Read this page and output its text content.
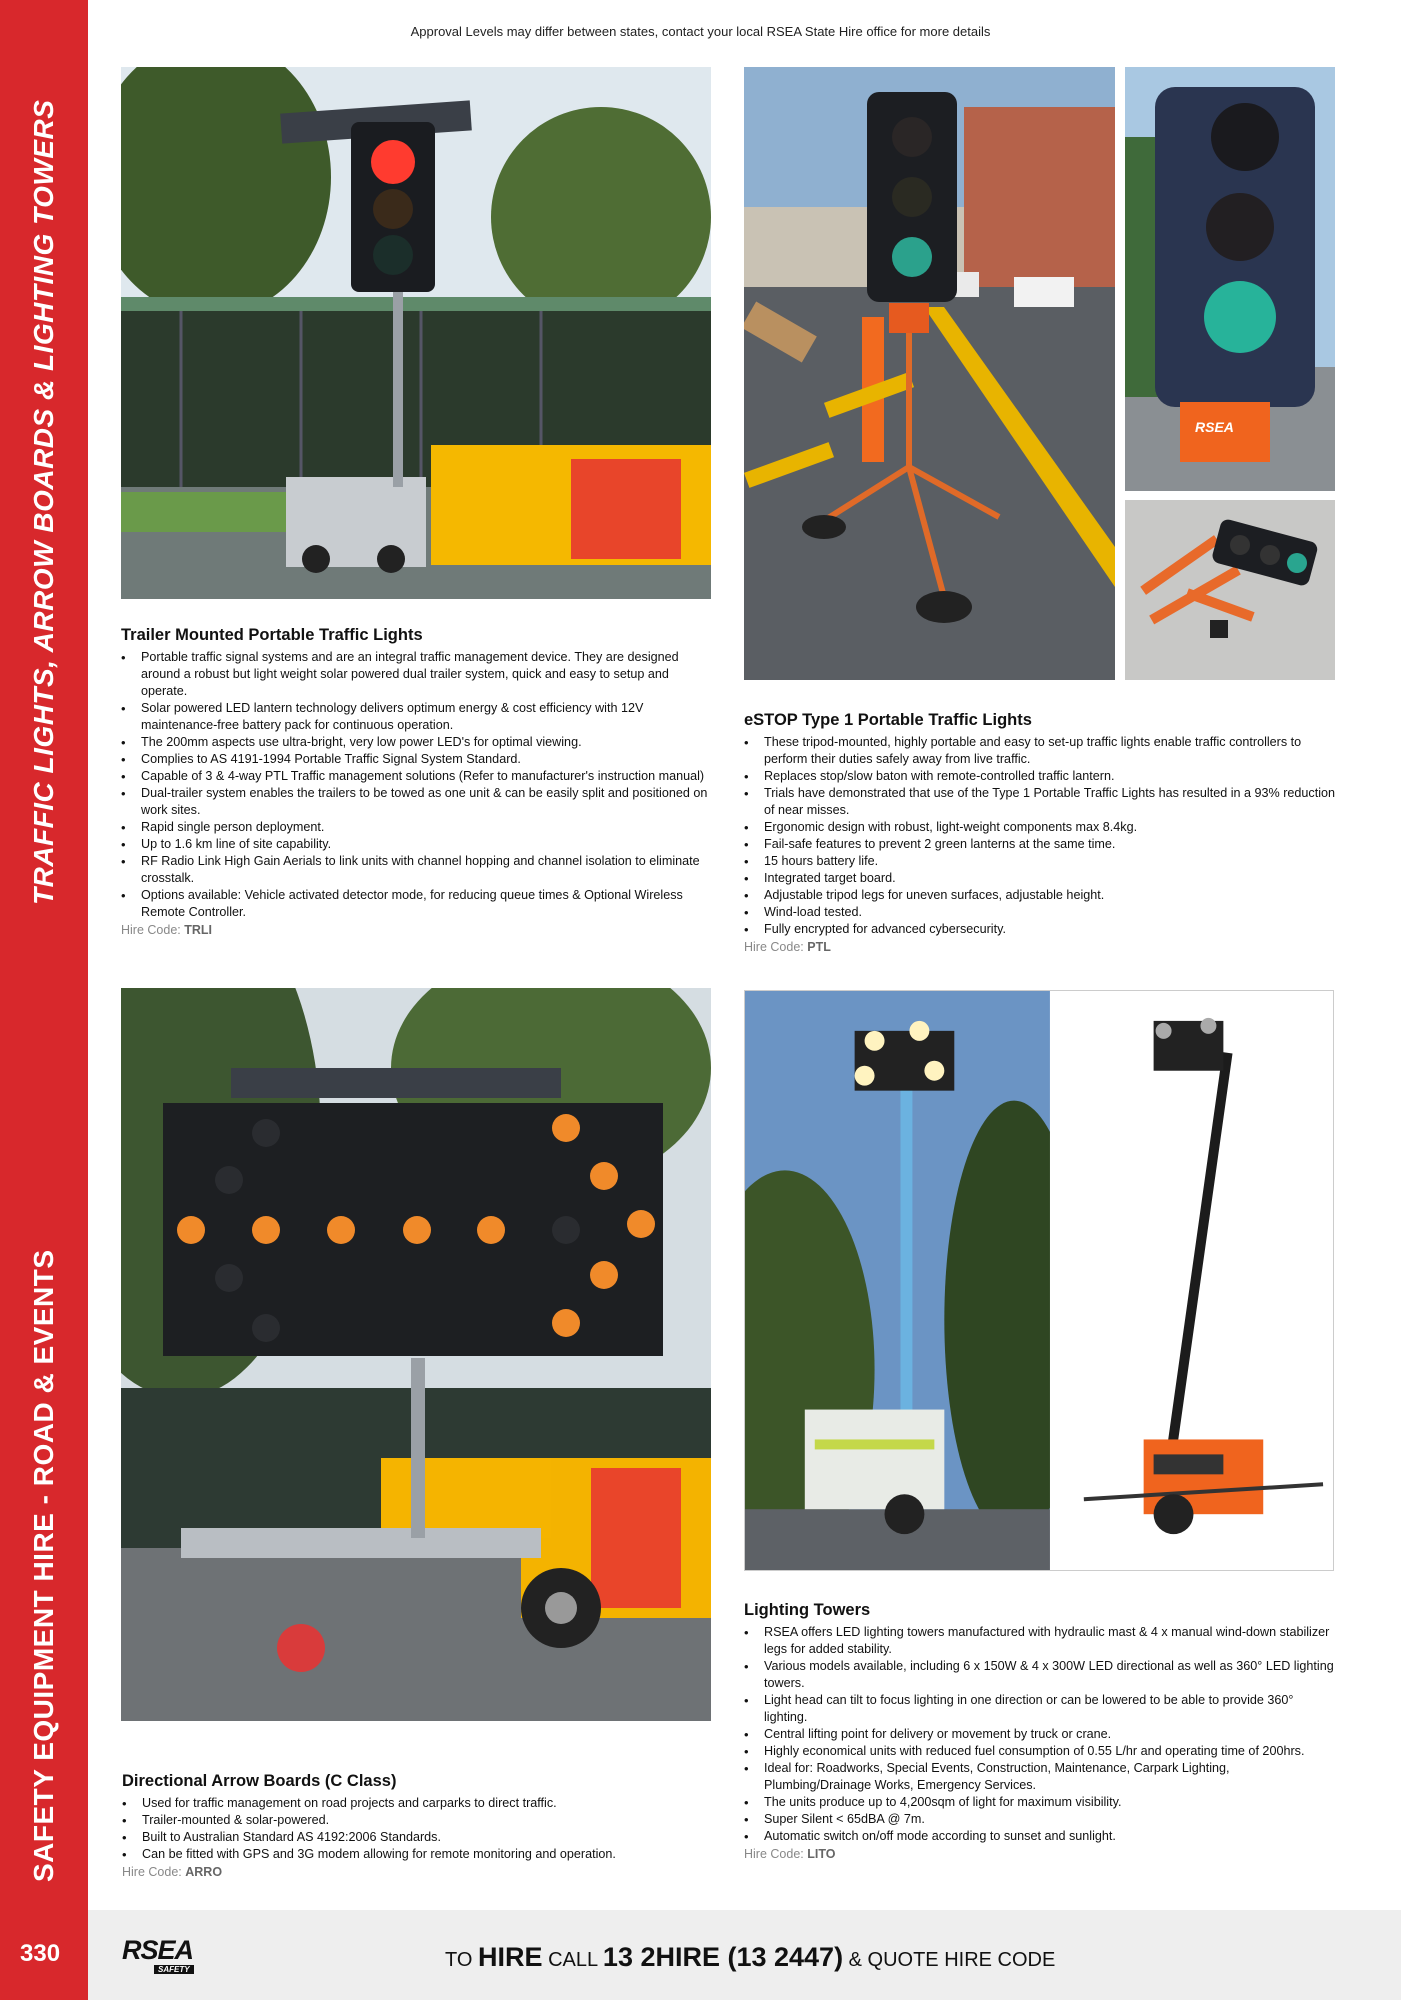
TRAFFIC LIGHTS, ARROW BOARDS & LIGHTING TOWERS
SAFETY EQUIPMENT HIRE - ROAD & EVENTS
Approval Levels may differ between states, contact your local RSEA State Hire office for more details
RSEA
Trailer Mounted Portable Traffic Lights
• Portable traffic signal systems and are an integral traffic management device. They are designed around a robust but light weight solar powered dual trailer system, quick and easy to setup and operate.
• Solar powered LED lantern technology delivers optimum energy & cost efficiency with 12V maintenance-free battery pack for continuous operation.
• The 200mm aspects use ultra-bright, very low power LED's for optimal viewing.
• Complies to AS 4191-1994 Portable Traffic Signal System Standard.
• Capable of 3 & 4-way PTL Traffic management solutions (Refer to manufacturer's instruction manual)
• Dual-trailer system enables the trailers to be towed as one unit & can be easily split and positioned on work sites.
• Rapid single person deployment.
• Up to 1.6 km line of site capability.
• RF Radio Link High Gain Aerials to link units with channel hopping and channel isolation to eliminate crosstalk.
• Options available: Vehicle activated detector mode, for reducing queue times & Optional Wireless Remote Controller.
Hire Code: TRLI
eSTOP Type 1 Portable Traffic Lights
• These tripod-mounted, highly portable and easy to set-up traffic lights enable traffic controllers to perform their duties safely away from live traffic.
• Replaces stop/slow baton with remote-controlled traffic lantern.
• Trials have demonstrated that use of the Type 1 Portable Traffic Lights has resulted in a 93% reduction of near misses.
• Ergonomic design with robust, light-weight components max 8.4kg.
• Fail-safe features to prevent 2 green lanterns at the same time.
• 15 hours battery life.
• Integrated target board.
• Adjustable tripod legs for uneven surfaces, adjustable height.
• Wind-load tested.
• Fully encrypted for advanced cybersecurity.
Hire Code: PTL
Directional Arrow Boards (C Class)
• Used for traffic management on road projects and carparks to direct traffic.
• Trailer-mounted & solar-powered.
• Built to Australian Standard AS 4192:2006 Standards.
• Can be fitted with GPS and 3G modem allowing for remote monitoring and operation.
Hire Code: ARRO
Lighting Towers
• RSEA offers LED lighting towers manufactured with hydraulic mast & 4 x manual wind-down stabilizer legs for added stability.
• Various models available, including 6 x 150W & 4 x 300W LED directional as well as 360° LED lighting towers.
• Light head can tilt to focus lighting in one direction or can be lowered to be able to provide 360° lighting.
• Central lifting point for delivery or movement by truck or crane.
• Highly economical units with reduced fuel consumption of 0.55 L/hr and operating time of 200hrs.
• Ideal for: Roadworks, Special Events, Construction, Maintenance, Carpark Lighting, Plumbing/Drainage Works, Emergency Services.
• The units produce up to 4,200sqm of light for maximum visibility.
• Super Silent < 65dBA @ 7m.
• Automatic switch on/off mode according to sunset and sunlight.
Hire Code: LITO
330 RSEA
SAFETY	TO HIRE CALL 13 2HIRE (13 2447) & QUOTE HIRE CODE
